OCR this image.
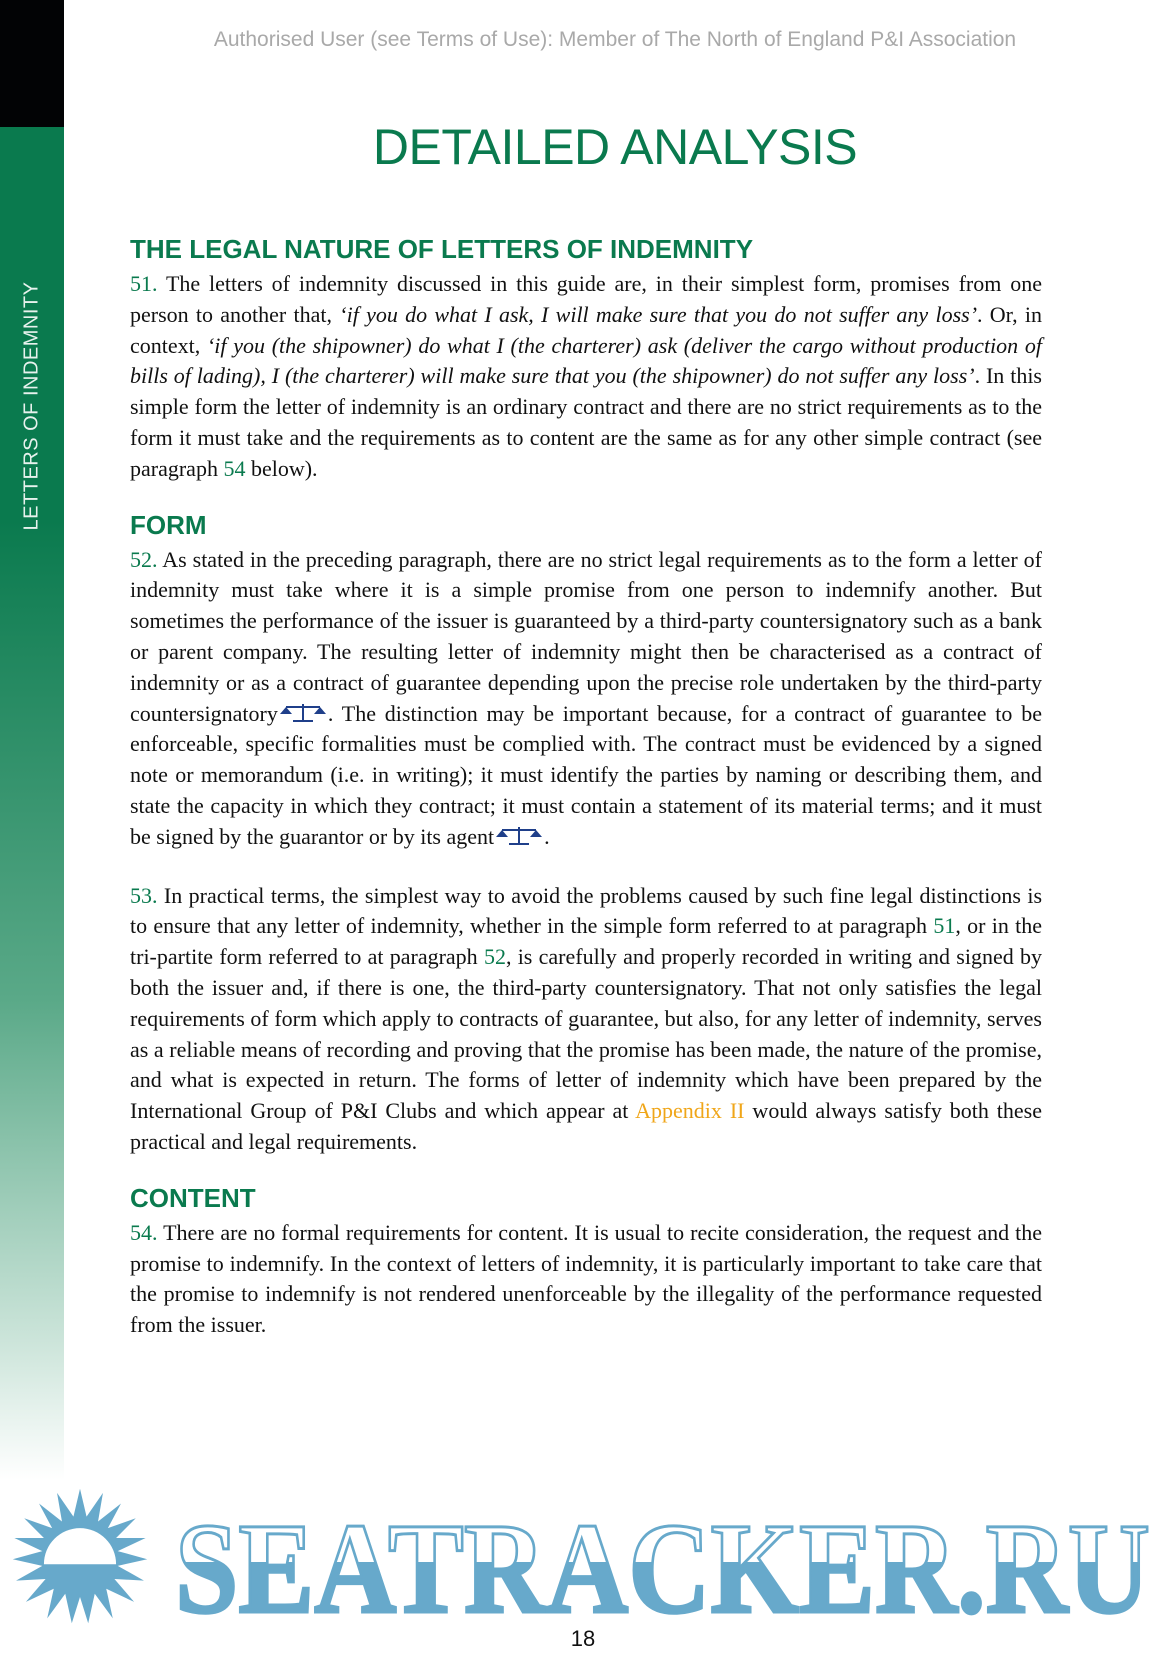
LETTERS OF INDEMNITY
Authorised User (see Terms of Use): Member of The North of England P&I Association
DETAILED ANALYSIS
THE LEGAL NATURE OF LETTERS OF INDEMNITY

51. The letters of indemnity discussed in this guide are, in their simplest form, promises from one person to another that, ‘if you do what I ask, I will make sure that you do not suffer any loss’. Or, in context, ‘if you (the shipowner) do what I (the charterer) ask (deliver the cargo without production of bills of lading), I (the charterer) will make sure that you (the shipowner) do not suffer any loss’. In this simple form the letter of indemnity is an ordinary contract and there are no strict requirements as to the form it must take and the requirements as to content are the same as for any other simple contract (see paragraph 54 below).

FORM

52. As stated in the preceding paragraph, there are no strict legal requirements as to the form a letter of indemnity must take where it is a simple promise from one person to indemnify another. But sometimes the performance of the issuer is guaranteed by a third-party countersignatory such as a bank or parent company. The resulting letter of indemnity might then be characterised as a contract of indemnity or as a contract of guarantee depending upon the precise role undertaken by the third-party countersignatory . The distinction may be important because, for a contract of guarantee to be enforceable, specific formalities must be complied with. The contract must be evidenced by a signed note or memorandum (i.e. in writing); it must identify the parties by naming or describing them, and state the capacity in which they contract; it must contain a statement of its material terms; and it must be signed by the guarantor or by its agent .

53. In practical terms, the simplest way to avoid the problems caused by such fine legal distinctions is to ensure that any letter of indemnity, whether in the simple form referred to at paragraph 51, or in the tri-partite form referred to at paragraph 52, is carefully and properly recorded in writing and signed by both the issuer and, if there is one, the third-party countersignatory. That not only satisfies the legal requirements of form which apply to contracts of guarantee, but also, for any letter of indemnity, serves as a reliable means of recording and proving that the promise has been made, the nature of the promise, and what is expected in return. The forms of letter of indemnity which have been prepared by the International Group of P&I Clubs and which appear at Appendix II would always satisfy both these practical and legal requirements.

CONTENT

54. There are no formal requirements for content. It is usual to recite consideration, the request and the promise to indemnify. In the context of letters of indemnity, it is particularly important to take care that the promise to indemnify is not rendered unenforceable by the illegality of the performance requested from the issuer.

SEATRACKER.RU
18
